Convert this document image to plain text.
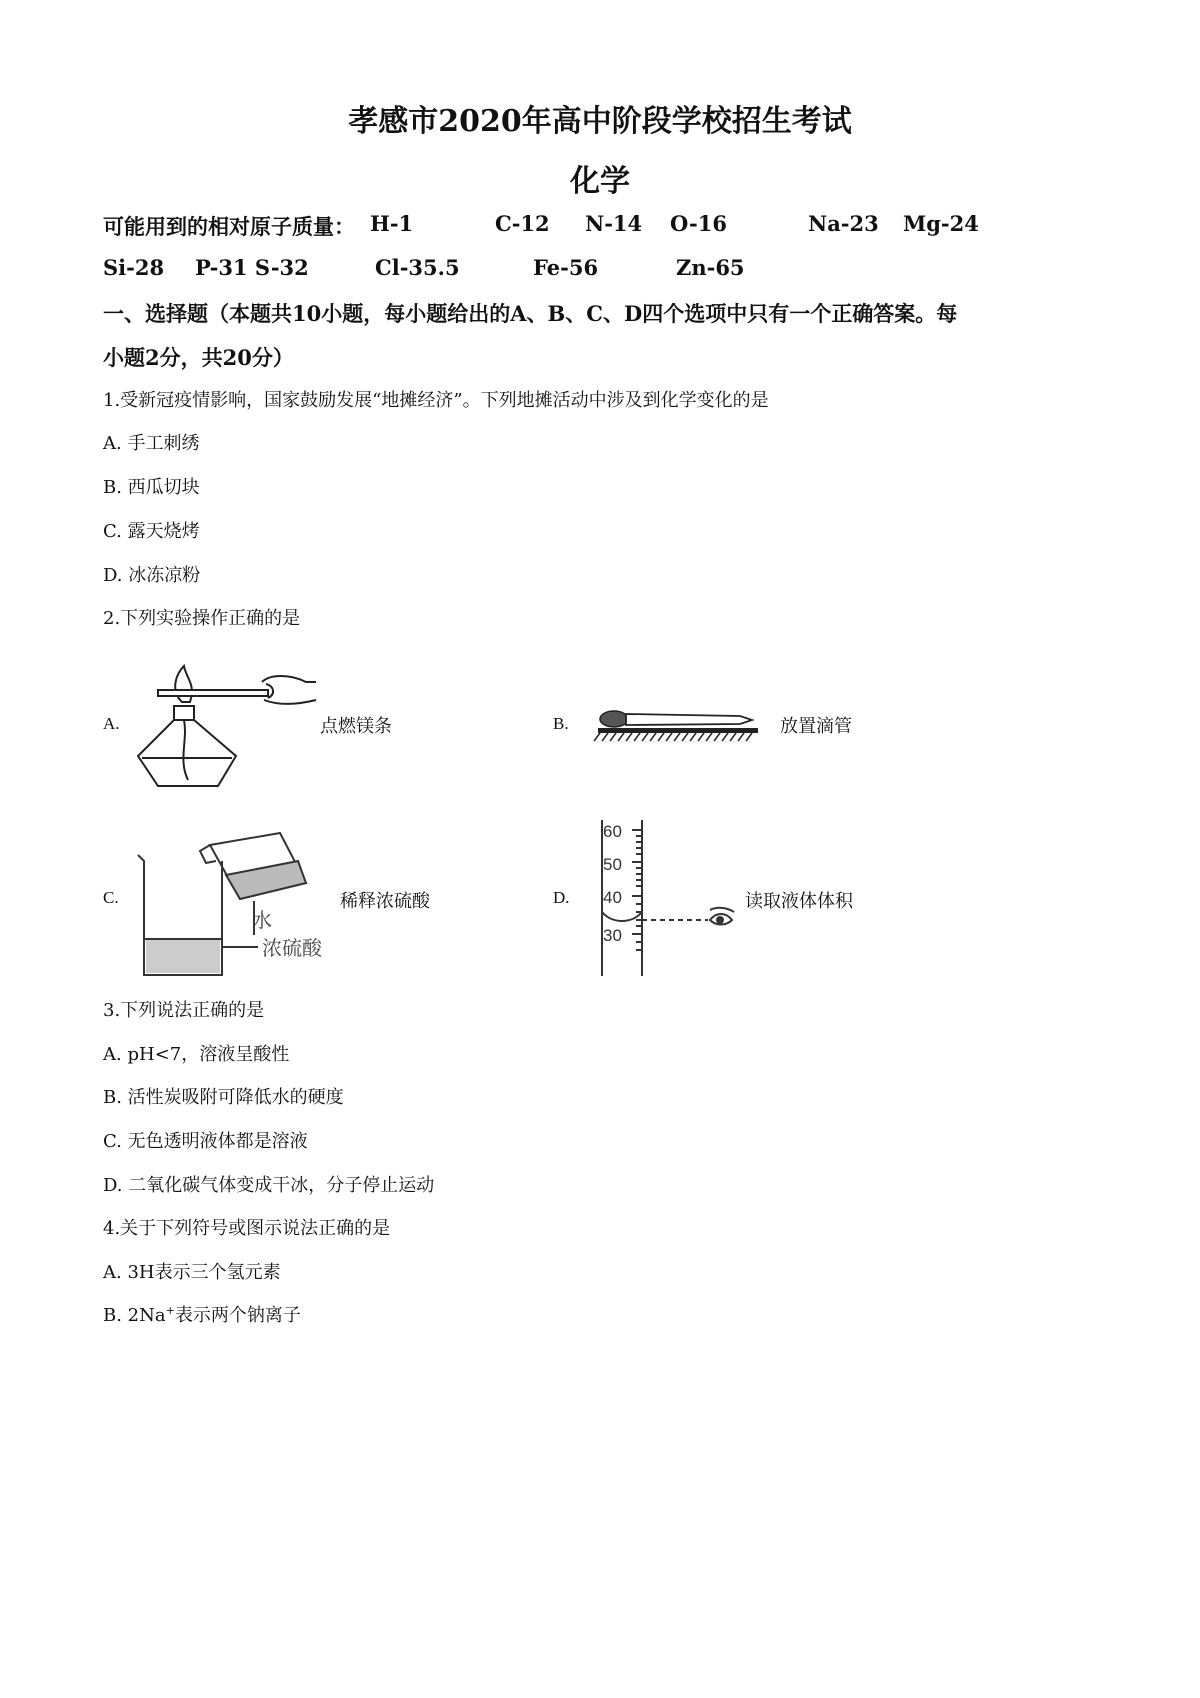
孝感市2020年高中阶段学校招生考试
化学
可能用到的相对原子质量： H-1	C-12 N-14 O-16	Na-23 Mg-24
Si-28 P-31 S-32	Cl-35.5	Fe-56	Zn-65
一、选择题（本题共10小题，每小题给出的A、B、C、D四个选项中只有一个正确答案。每
小题2分，共20分）
1.受新冠疫情影响，国家鼓励发展“地摊经济”。下列地摊活动中涉及到化学变化的是
A. 手工刺绣
B. 西瓜切块
C. 露天烧烤
D. 冰冻凉粉
2.下列实验操作正确的是
A.	点燃镁条	B.	放置滴管
C.
水
浓硫酸
稀释浓硫酸	D.
60
50
40
30
读取液体体积
3.下列说法正确的是
A. pH<7，溶液呈酸性
B. 活性炭吸附可降低水的硬度
C. 无色透明液体都是溶液
D. 二氧化碳气体变成干冰，分子停止运动
4.关于下列符号或图示说法正确的是
A. 3H表示三个氢元素
B. 2Na+表示两个钠离子
